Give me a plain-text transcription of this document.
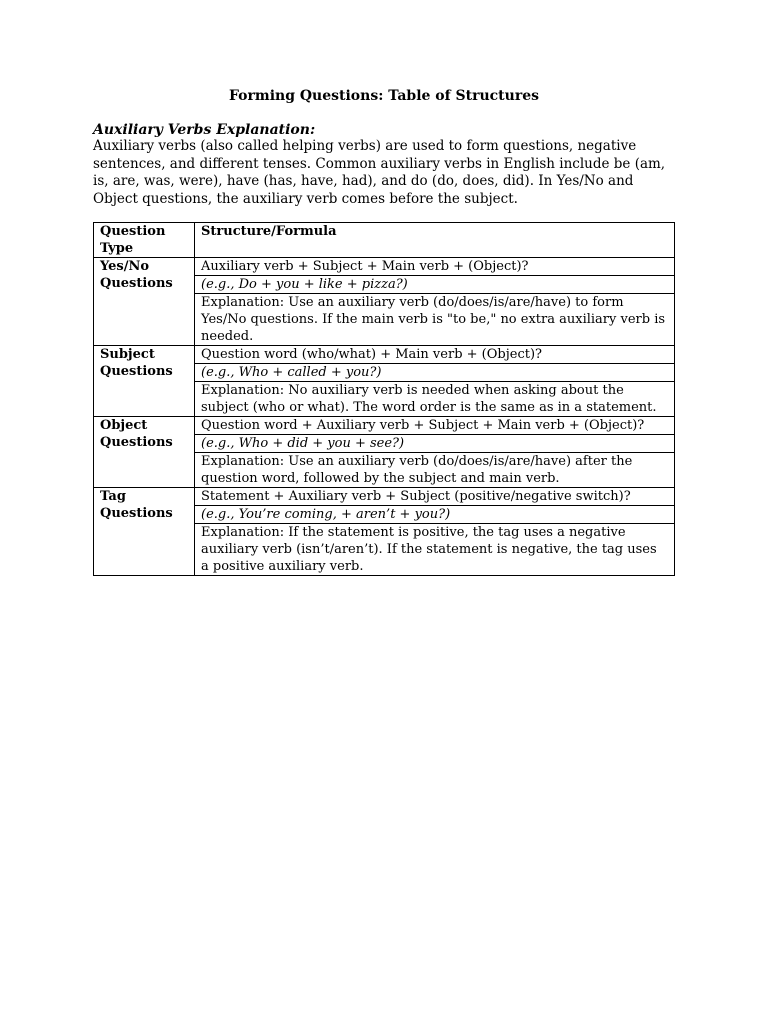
Forming Questions: Table of Structures
Auxiliary Verbs Explanation:
Auxiliary verbs (also called helping verbs) are used to form questions, negative sentences, and different tenses. Common auxiliary verbs in English include be (am, is, are, was, were), have (has, have, had), and do (do, does, did). In Yes/No and Object questions, the auxiliary verb comes before the subject.
Question Type	Structure/Formula
Yes/No Questions	Auxiliary verb + Subject + Main verb + (Object)?
	(e.g., Do + you + like + pizza?)
	Explanation: Use an auxiliary verb (do/does/is/are/have) to form Yes/No questions. If the main verb is "to be," no extra auxiliary verb is needed.
Subject Questions	Question word (who/what) + Main verb + (Object)?
	(e.g., Who + called + you?)
	Explanation: No auxiliary verb is needed when asking about the subject (who or what). The word order is the same as in a statement.
Object Questions	Question word + Auxiliary verb + Subject + Main verb + (Object)?
	(e.g., Who + did + you + see?)
	Explanation: Use an auxiliary verb (do/does/is/are/have) after the question word, followed by the subject and main verb.
Tag Questions	Statement + Auxiliary verb + Subject (positive/negative switch)?
	(e.g., You’re coming, + aren’t + you?)
	Explanation: If the statement is positive, the tag uses a negative auxiliary verb (isn’t/aren’t). If the statement is negative, the tag uses a positive auxiliary verb.
